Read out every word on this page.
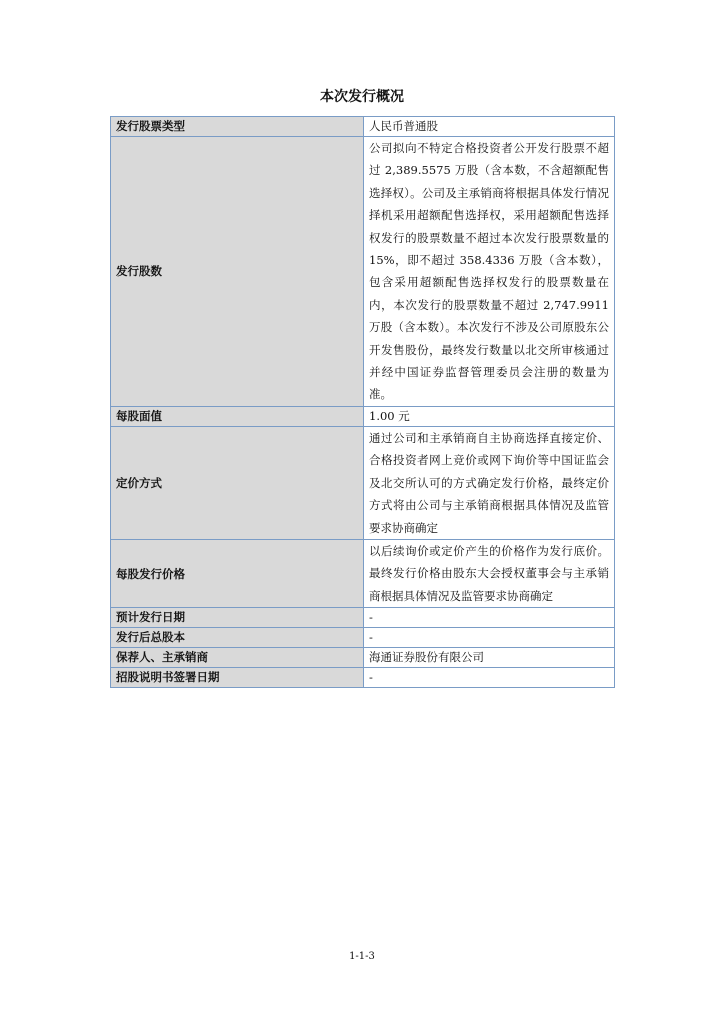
本次发行概况
发行股票类型	人民币普通股
发行股数	公司拟向不特定合格投资者公开发行股票不超过 2,389.5575 万股（含本数，不含超额配售选择权）。公司及主承销商将根据具体发行情况择机采用超额配售选择权，采用超额配售选择权发行的股票数量不超过本次发行股票数量的 15%，即不超过 358.4336 万股（含本数），包含采用超额配售选择权发行的股票数量在内，本次发行的股票数量不超过 2,747.9911 万股（含本数）。本次发行不涉及公司原股东公开发售股份，最终发行数量以北交所审核通过并经中国证券监督管理委员会注册的数量为准。
每股面值	1.00 元
定价方式	通过公司和主承销商自主协商选择直接定价、合格投资者网上竞价或网下询价等中国证监会及北交所认可的方式确定发行价格，最终定价方式将由公司与主承销商根据具体情况及监管要求协商确定
每股发行价格	以后续询价或定价产生的价格作为发行底价。最终发行价格由股东大会授权董事会与主承销商根据具体情况及监管要求协商确定
预计发行日期	-
发行后总股本	-
保荐人、主承销商	海通证券股份有限公司
招股说明书签署日期	-
1-1-3
